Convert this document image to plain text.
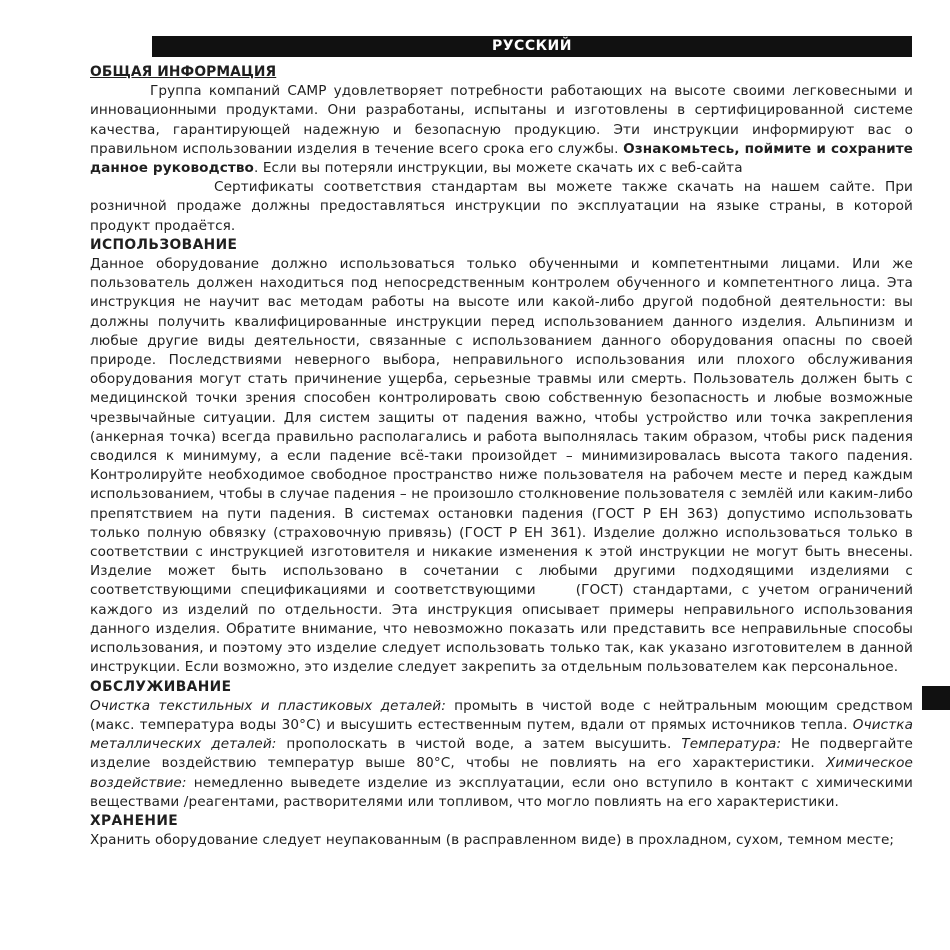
РУССКИЙ

ОБЩАЯ ИНФОРМАЦИЯ

Группа компаний CAMP удовлетворяет потребности работающих на высоте своими легковесными и инновационными продуктами. Они разработаны, испытаны и изготовлены в сертифицированной системе качества, гарантирующей надежную и безопасную продукцию. Эти инструкции информируют вас о правильном использовании изделия в течение всего срока его службы. Ознакомьтесь, поймите и сохраните данное руководство. Если вы потеряли инструкции, вы можете скачать их с веб-сайта

Сертификаты соответствия стандартам вы можете также скачать на нашем сайте. При розничной продаже должны предоставляться инструкции по эксплуатации на языке страны, в которой продукт продаётся.

ИСПОЛЬЗОВАНИЕ

Данное оборудование должно использоваться только обученными и компетентными лицами. Или же пользователь должен находиться под непосредственным контролем обученного и компетентного лица. Эта инструкция не научит вас методам работы на высоте или какой-либо другой подобной деятельности: вы должны получить квалифицированные инструкции перед использованием данного изделия. Альпинизм и любые другие виды деятельности, связанные с использованием данного оборудования опасны по своей природе. Последствиями неверного выбора, неправильного использования или плохого обслуживания оборудования могут стать причинение ущерба, серьезные травмы или смерть. Пользователь должен быть с медицинской точки зрения способен контролировать свою собственную безопасность и любые возможные чрезвычайные ситуации. Для систем защиты от падения важно, чтобы устройство или точка закрепления (анкерная точка) всегда правильно располагались и работа выполнялась таким образом, чтобы риск падения сводился к минимуму, а если падение всё-таки произойдет – минимизировалась высота такого падения. Контролируйте необходимое свободное пространство ниже пользователя на рабочем месте и перед каждым использованием, чтобы в случае падения – не произошло столкновение пользователя с землёй или каким-либо препятствием на пути падения. В системах остановки падения (ГОСТ Р ЕН 363) допустимо использовать только полную обвязку (страховочную привязь) (ГОСТ Р ЕН 361). Изделие должно использоваться только в соответствии с инструкцией изготовителя и никакие изменения к этой инструкции не могут быть внесены. Изделие может быть использовано в сочетании с любыми другими подходящими изделиями с соответствующими спецификациями и соответствующими	(ГОСТ) стандартами, с учетом ограничений каждого из изделий по отдельности. Эта инструкция описывает примеры неправильного использования данного изделия. Обратите внимание, что невозможно показать или представить все неправильные способы использования, и поэтому это изделие следует использовать только так, как указано изготовителем в данной инструкции. Если возможно, это изделие следует закрепить за отдельным пользователем как персональное.

ОБСЛУЖИВАНИЕ

Очистка текстильных и пластиковых деталей: промыть в чистой воде с нейтральным моющим средством (макс. температура воды 30°C) и высушить естественным путем, вдали от прямых источников тепла. Очистка металлических деталей: прополоскать в чистой воде, а затем высушить. Температура: Не подвергайте изделие воздействию температур выше 80°C, чтобы не повлиять на его характеристики. Химическое воздействие: немедленно выведете изделие из эксплуатации, если оно вступило в контакт с химическими веществами /реагентами, растворителями или топливом, что могло повлиять на его характеристики.

ХРАНЕНИЕ

Хранить оборудование следует неупакованным (в расправленном виде) в прохладном, сухом, темном месте;
